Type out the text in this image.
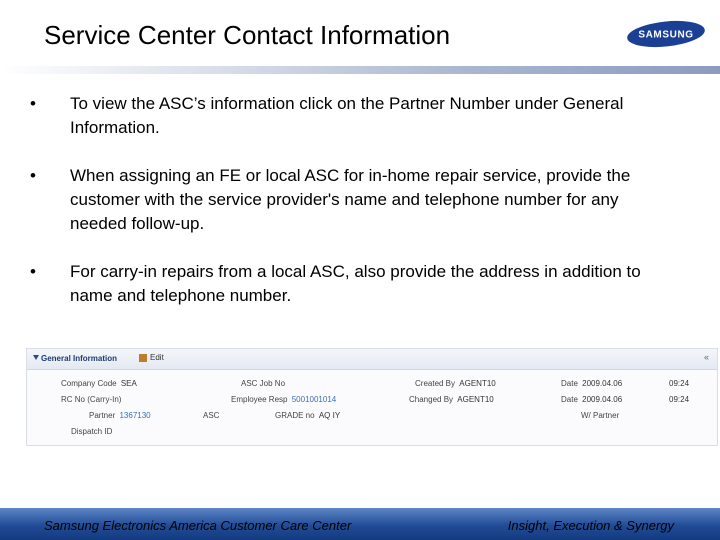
Service Center Contact Information	SAMSUNG
• To view the ASC’s information click on the Partner Number under General Information.
• When assigning an FE or local ASC for in-home repair service, provide the customer with the service provider's name and telephone number for any needed follow-up.
• For carry-in repairs from a local ASC, also provide the address in addition to name and telephone number.
General Information	Edit	«
Company Code SEA	ASC Job No	Created By AGENT10	Date 2009.04.06	09:24
RC No (Carry-In)	Employee Resp 5001001014	Changed By AGENT10	Date 2009.04.06	09:24
Partner 1367130	ASC	GRADE no AQ IY	W/ Partner
Dispatch ID
Samsung Electronics America Customer Care Center	Insight, Execution & Synergy
